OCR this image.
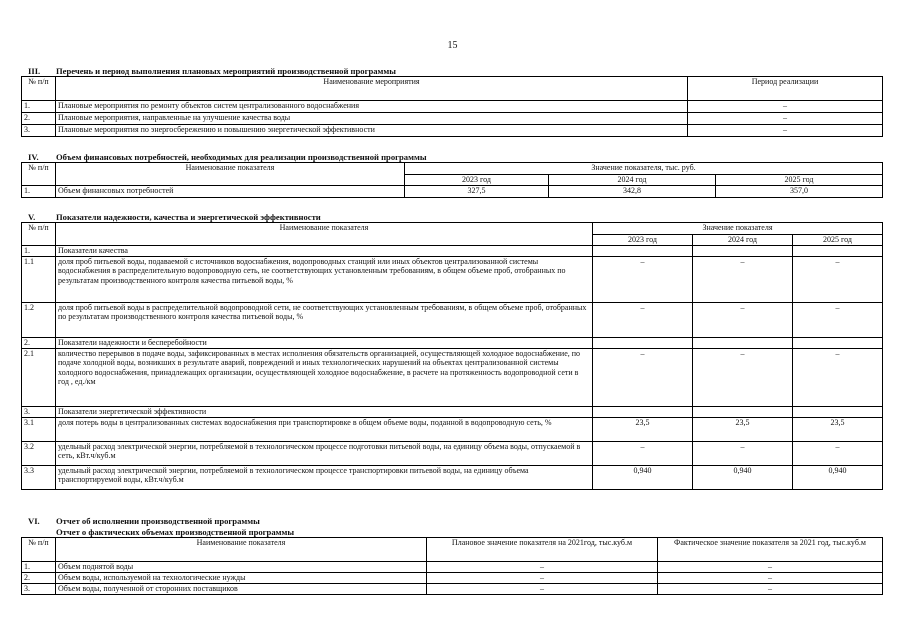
15
III. Перечень и период выполнения плановых мероприятий производственной программы
№ п/п	Наименование мероприятия	Период реализации
1.	Плановые мероприятия по ремонту объектов систем централизованного водоснабжения	–
2.	Плановые мероприятия, направленные на улучшение качества воды	–
3.	Плановые мероприятия по энергосбережению и повышению энергетической эффективности	–
IV. Объем финансовых потребностей, необходимых для реализации производственной программы
№ п/п	Наименование показателя	Значение показателя, тыс. руб.		
		2023 год	2024 год	2025 год
1.	Объем финансовых потребностей	327,5	342,8	357,0
V. Показатели надежности, качества и энергетической эффективности
№ п/п	Наименование показателя	Значение показателя		
		2023 год	2024 год	2025 год
1.	Показатели качества			
1.1	доля проб питьевой воды, подаваемой с источников водоснабжения, водопроводных станций или иных объектов централизованной системы водоснабжения в распределительную водопроводную сеть, не соответствующих установленным требованиям, в общем объеме проб, отобранных по результатам производственного контроля качества питьевой воды, %	–	–	–
1.2	доля проб питьевой воды в распределительной водопроводной сети, не соответствующих установленным требованиям, в общем объеме проб, отобранных по результатам производственного контроля качества питьевой воды, %	–	–	–
2.	Показатели надежности и бесперебойности			
2.1	количество перерывов в подаче воды, зафиксированных в местах исполнения обязательств организацией, осуществляющей холодное водоснабжение, по подаче холодной воды, возникших в результате аварий, повреждений и иных технологических нарушений на объектах централизованной системы холодного водоснабжения, принадлежащих организации, осуществляющей холодное водоснабжение, в расчете на протяженность водопроводной сети в год , ед./км	–	–	–
3.	Показатели энергетической эффективности			
3.1	доля потерь воды в централизованных системах водоснабжения при транспортировке в общем объеме воды, поданной в водопроводную сеть, %	23,5	23,5	23,5
3.2	удельный расход электрической энергии, потребляемой в технологическом процессе подготовки питьевой воды, на единицу объема воды, отпускаемой в сеть, кВт.ч/куб.м	–	–	–
3.3	удельный расход электрической энергии, потребляемой в технологическом процессе транспортировки питьевой воды, на единицу объема транспортируемой воды, кВт.ч/куб.м	0,940	0,940	0,940
VI. Отчет об исполнении производственной программы
Отчет о фактических объемах производственной программы
№ п/п	Наименование показателя	Плановое значение показателя на 2021год, тыс.куб.м	Фактическое значение показателя за 2021 год, тыс.куб.м
1.	Объем поднятой воды	–	–
2.	Объем воды, используемой на технологические нужды	–	–
3.	Объем воды, полученной от сторонних поставщиков	–	–
